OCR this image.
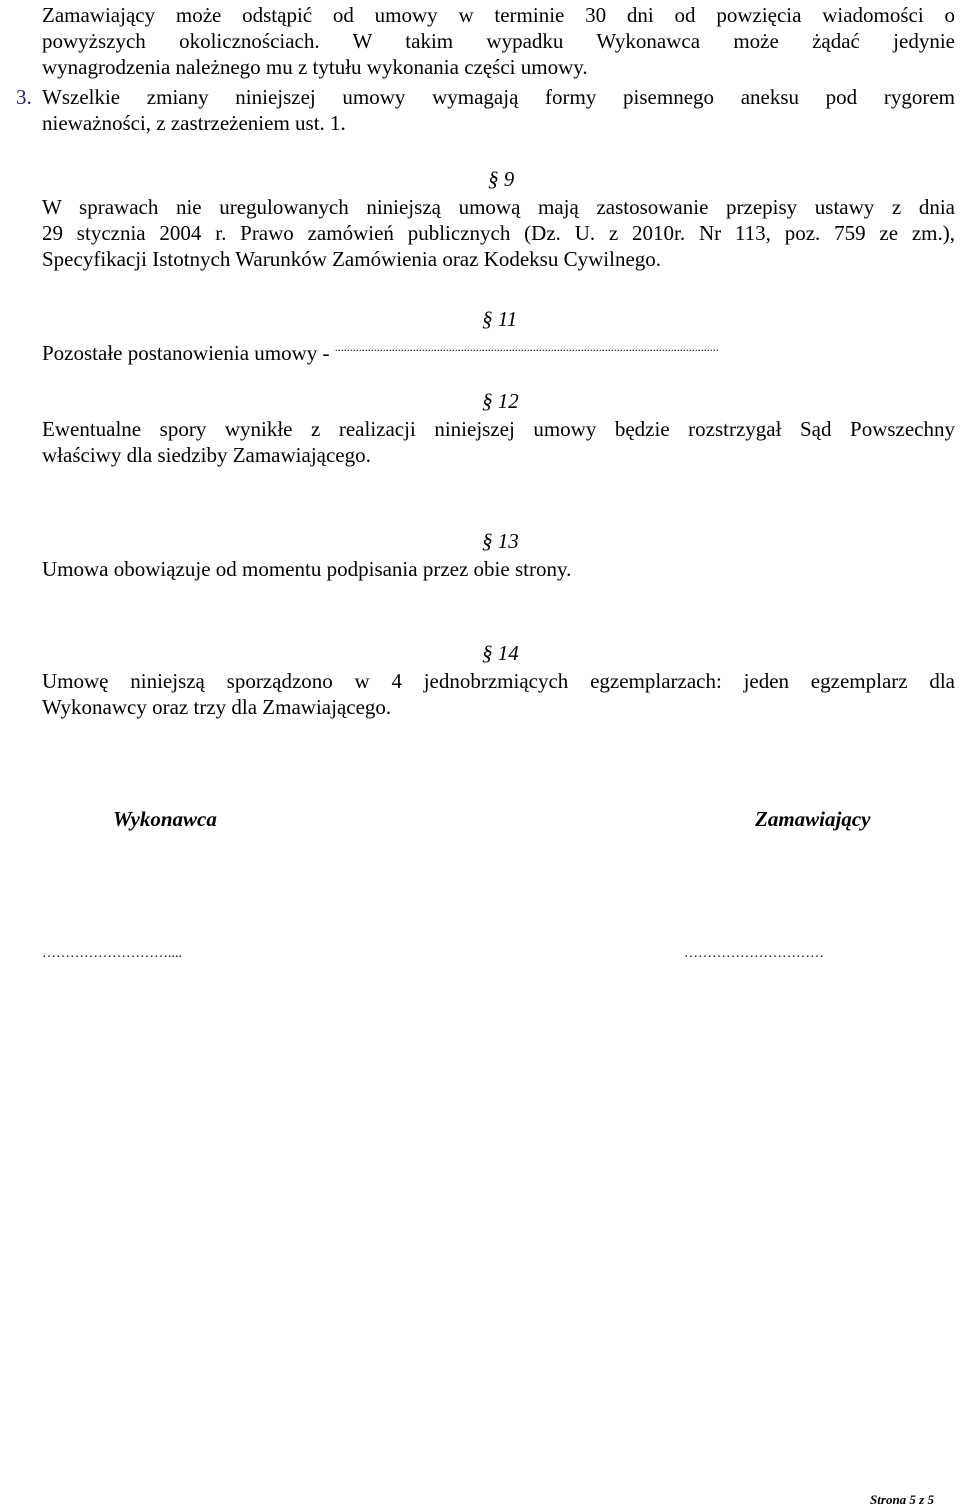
Zamawiający może odstąpić od umowy w terminie 30 dni od powzięcia wiadomości o
powyższych okolicznościach. W takim wypadku Wykonawca może żądać jedynie
wynagrodzenia należnego mu z tytułu wykonania części umowy.
3. Wszelkie zmiany niniejszej umowy wymagają formy pisemnego aneksu pod rygorem
nieważności, z zastrzeżeniem ust. 1.
§ 9
W sprawach nie uregulowanych niniejszą umową mają zastosowanie przepisy ustawy z dnia
29 stycznia 2004 r. Prawo zamówień publicznych (Dz. U. z 2010r. Nr 113, poz. 759 ze zm.),
Specyfikacji Istotnych Warunków Zamówienia oraz Kodeksu Cywilnego.
§ 11
Pozostałe postanowienia umowy - ................................................................................................................................
§ 12
Ewentualne spory wynikłe z realizacji niniejszej umowy będzie rozstrzygał Sąd Powszechny
właściwy dla siedziby Zamawiającego.
§ 13
Umowa obowiązuje od momentu podpisania przez obie strony.
§ 14
Umowę niniejszą sporządzono w 4 jednobrzmiących egzemplarzach: jeden egzemplarz dla
Wykonawcy oraz trzy dla Zmawiającego.
Wykonawca	Zamawiający
………………………....	…………………………
Strona 5 z 5
